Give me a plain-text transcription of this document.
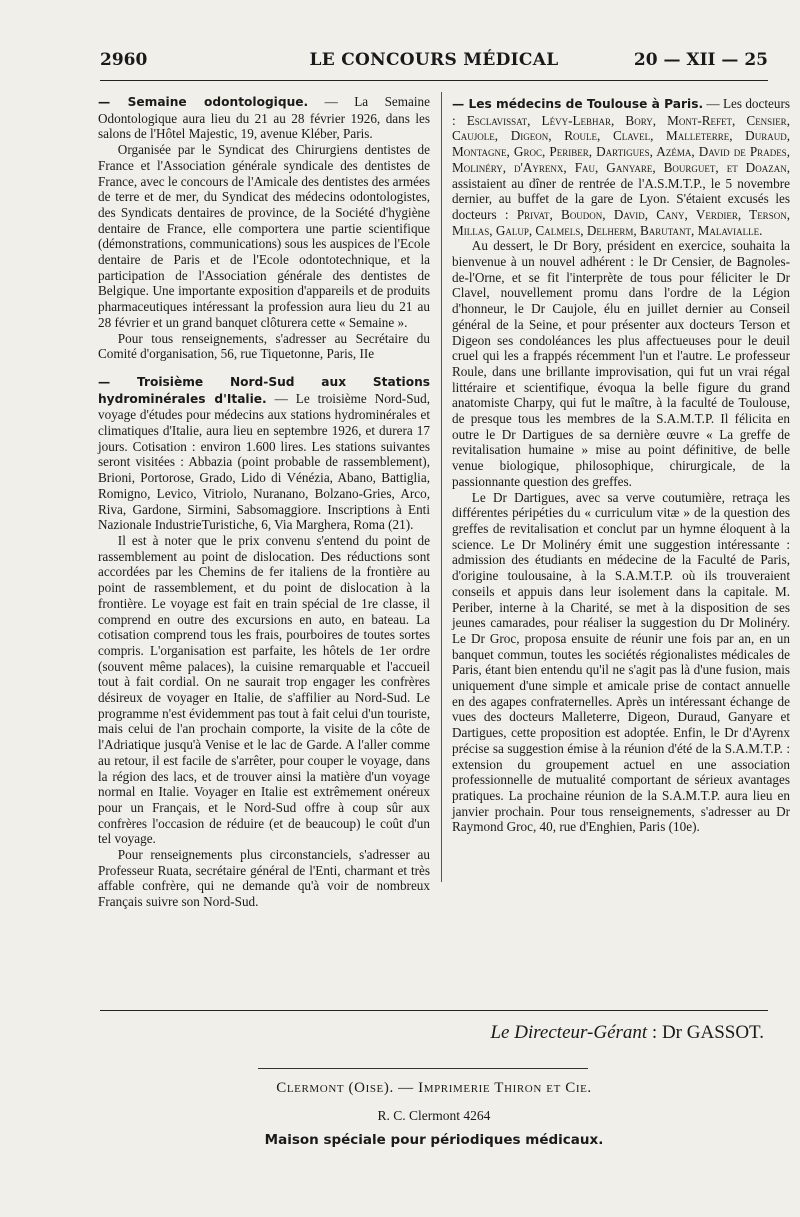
2960	LE CONCOURS MÉDICAL	20 — XII — 25

— Semaine odontologique. — La Semaine Odontologique aura lieu du 21 au 28 février 1926, dans les salons de l'Hôtel Majestic, 19, avenue Kléber, Paris.

Organisée par le Syndicat des Chirurgiens dentistes de France et l'Association générale syndicale des dentistes de France, avec le concours de l'Amicale des dentistes des armées de terre et de mer, du Syndicat des médecins odontologistes, des Syndicats dentaires de province, de la Société d'hygiène dentaire de France, elle comportera une partie scientifique (démonstrations, communications) sous les auspices de l'Ecole dentaire de Paris et de l'Ecole odontotechnique, et la participation de l'Association générale des dentistes de Belgique. Une importante exposition d'appareils et de produits pharmaceutiques intéressant la profession aura lieu du 21 au 28 février et un grand banquet clôturera cette « Semaine ».

Pour tous renseignements, s'adresser au Secrétaire du Comité d'organisation, 56, rue Tiquetonne, Paris, IIe

— Troisième Nord-Sud aux Stations hydrominérales d'Italie. — Le troisième Nord-Sud, voyage d'études pour médecins aux stations hydrominérales et climatiques d'Italie, aura lieu en septembre 1926, et durera 17 jours. Cotisation : environ 1.600 lires. Les stations suivantes seront visitées : Abbazia (point probable de rassemblement), Brioni, Portorose, Grado, Lido di Vénézia, Abano, Battiglia, Romigno, Levico, Vitriolo, Nuranano, Bolzano-Gries, Arco, Riva, Gardone, Sirmini, Sabsomaggiore. Inscriptions à Enti Nazionale IndustrieTuristiche, 6, Via Marghera, Roma (21).

Il est à noter que le prix convenu s'entend du point de rassemblement au point de dislocation. Des réductions sont accordées par les Chemins de fer italiens de la frontière au point de rassemblement, et du point de dislocation à la frontière. Le voyage est fait en train spécial de 1re classe, il comprend en outre des excursions en auto, en bateau. La cotisation comprend tous les frais, pourboires de toutes sortes compris. L'organisation est parfaite, les hôtels de 1er ordre (souvent même palaces), la cuisine remarquable et l'accueil tout à fait cordial. On ne saurait trop engager les confrères désireux de voyager en Italie, de s'affilier au Nord-Sud. Le programme n'est évidemment pas tout à fait celui d'un touriste, mais celui de l'an prochain comporte, la visite de la côte de l'Adriatique jusqu'à Venise et le lac de Garde. A l'aller comme au retour, il est facile de s'arrêter, pour couper le voyage, dans la région des lacs, et de trouver ainsi la matière d'un voyage normal en Italie. Voyager en Italie est extrêmement onéreux pour un Français, et le Nord-Sud offre à coup sûr aux confrères l'occasion de réduire (et de beaucoup) le coût d'un tel voyage.

Pour renseignements plus circonstanciels, s'adresser au Professeur Ruata, secrétaire général de l'Enti, charmant et très affable confrère, qui ne demande qu'à voir de nombreux Français suivre son Nord-Sud.

— Les médecins de Toulouse à Paris. — Les docteurs : Esclavissat, Lévy-Lebhar, Bory, Mont-Refet, Censier, Caujole, Digeon, Roule, Clavel, Malleterre, Duraud, Montagne, Groc, Periber, Dartigues, Azéma, David de Prades, Molinéry, d'Ayrenx, Fau, Ganyare, Bourguet, et Doazan, assistaient au dîner de rentrée de l'A.S.M.T.P., le 5 novembre dernier, au buffet de la gare de Lyon. S'étaient excusés les docteurs : Privat, Boudon, David, Cany, Verdier, Terson, Millas, Galup, Calmels, Delherm, Barutant, Malavialle.

Au dessert, le Dr Bory, président en exercice, souhaita la bienvenue à un nouvel adhérent : le Dr Censier, de Bagnoles-de-l'Orne, et se fit l'interprète de tous pour féliciter le Dr Clavel, nouvellement promu dans l'ordre de la Légion d'honneur, le Dr Caujole, élu en juillet dernier au Conseil général de la Seine, et pour présenter aux docteurs Terson et Digeon ses condoléances les plus affectueuses pour le deuil cruel qui les a frappés récemment l'un et l'autre. Le professeur Roule, dans une brillante improvisation, qui fut un vrai régal littéraire et scientifique, évoqua la belle figure du grand anatomiste Charpy, qui fut le maître, à la faculté de Toulouse, de presque tous les membres de la S.A.M.T.P. Il félicita en outre le Dr Dartigues de sa dernière œuvre « La greffe de revitalisation humaine » mise au point définitive, de belle venue biologique, philosophique, chirurgicale, de la passionnante question des greffes.

Le Dr Dartigues, avec sa verve coutumière, retraça les différentes péripéties du « curriculum vitæ » de la question des greffes de revitalisation et conclut par un hymne éloquent à la science. Le Dr Molinéry émit une suggestion intéressante : admission des étudiants en médecine de la Faculté de Paris, d'origine toulousaine, à la S.A.M.T.P. où ils trouveraient conseils et appuis dans leur isolement dans la capitale. M. Periber, interne à la Charité, se met à la disposition de ses jeunes camarades, pour réaliser la suggestion du Dr Molinéry. Le Dr Groc, proposa ensuite de réunir une fois par an, en un banquet commun, toutes les sociétés régionalistes médicales de Paris, étant bien entendu qu'il ne s'agit pas là d'une fusion, mais uniquement d'une simple et amicale prise de contact annuelle en des agapes confraternelles. Après un intéressant échange de vues des docteurs Malleterre, Digeon, Duraud, Ganyare et Dartigues, cette proposition est adoptée. Enfin, le Dr d'Ayrenx précise sa suggestion émise à la réunion d'été de la S.A.M.T.P. : extension du groupement actuel en une association professionnelle de mutualité comportant de sérieux avantages pratiques. La prochaine réunion de la S.A.M.T.P. aura lieu en janvier prochain. Pour tous renseignements, s'adresser au Dr Raymond Groc, 40, rue d'Enghien, Paris (10e).

Le Directeur-Gérant : Dr GASSOT.
Clermont (Oise). — Imprimerie Thiron et Cie.
R. C. Clermont 4264
Maison spéciale pour périodiques médicaux.
